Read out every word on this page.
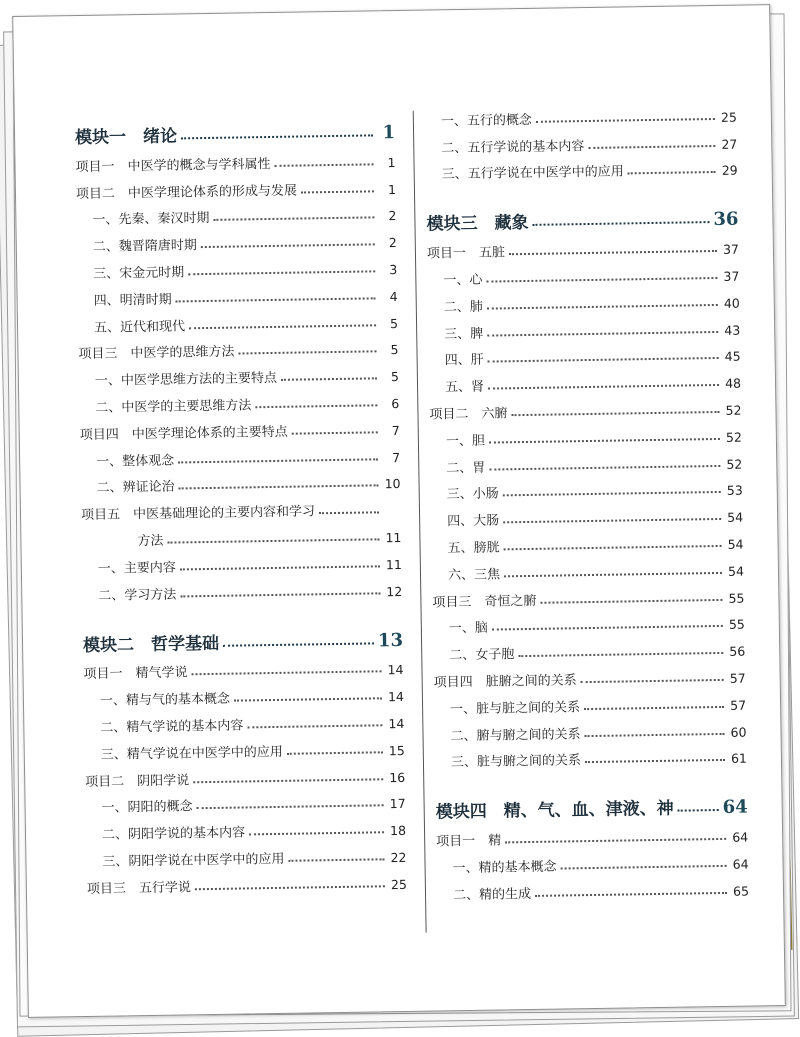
模块一　绪论	1
项目一　中医学的概念与学科属性	1
项目二　中医学理论体系的形成与发展	1
一、先秦、秦汉时期	2
二、魏晋隋唐时期	2
三、宋金元时期	3
四、明清时期	4
五、近代和现代	5
项目三　中医学的思维方法	5
一、中医学思维方法的主要特点	5
二、中医学的主要思维方法	6
项目四　中医学理论体系的主要特点	7
一、整体观念	7
二、辨证论治	10
项目五　中医基础理论的主要内容和学习
方法	11
一、主要内容	11
二、学习方法	12
模块二　哲学基础	13
项目一　精气学说	14
一、精与气的基本概念	14
二、精气学说的基本内容	14
三、精气学说在中医学中的应用	15
项目二　阴阳学说	16
一、阴阳的概念	17
二、阴阳学说的基本内容	18
三、阴阳学说在中医学中的应用	22
项目三　五行学说	25
一、五行的概念	25
二、五行学说的基本内容	27
三、五行学说在中医学中的应用	29
模块三　藏象	36
项目一　五脏	37
一、心	37
二、肺	40
三、脾	43
四、肝	45
五、肾	48
项目二　六腑	52
一、胆	52
二、胃	52
三、小肠	53
四、大肠	54
五、膀胱	54
六、三焦	54
项目三　奇恒之腑	55
一、脑	55
二、女子胞	56
项目四　脏腑之间的关系	57
一、脏与脏之间的关系	57
二、腑与腑之间的关系	60
三、脏与腑之间的关系	61
模块四　精、气、血、津液、神	64
项目一　精	64
一、精的基本概念	64
二、精的生成	65
